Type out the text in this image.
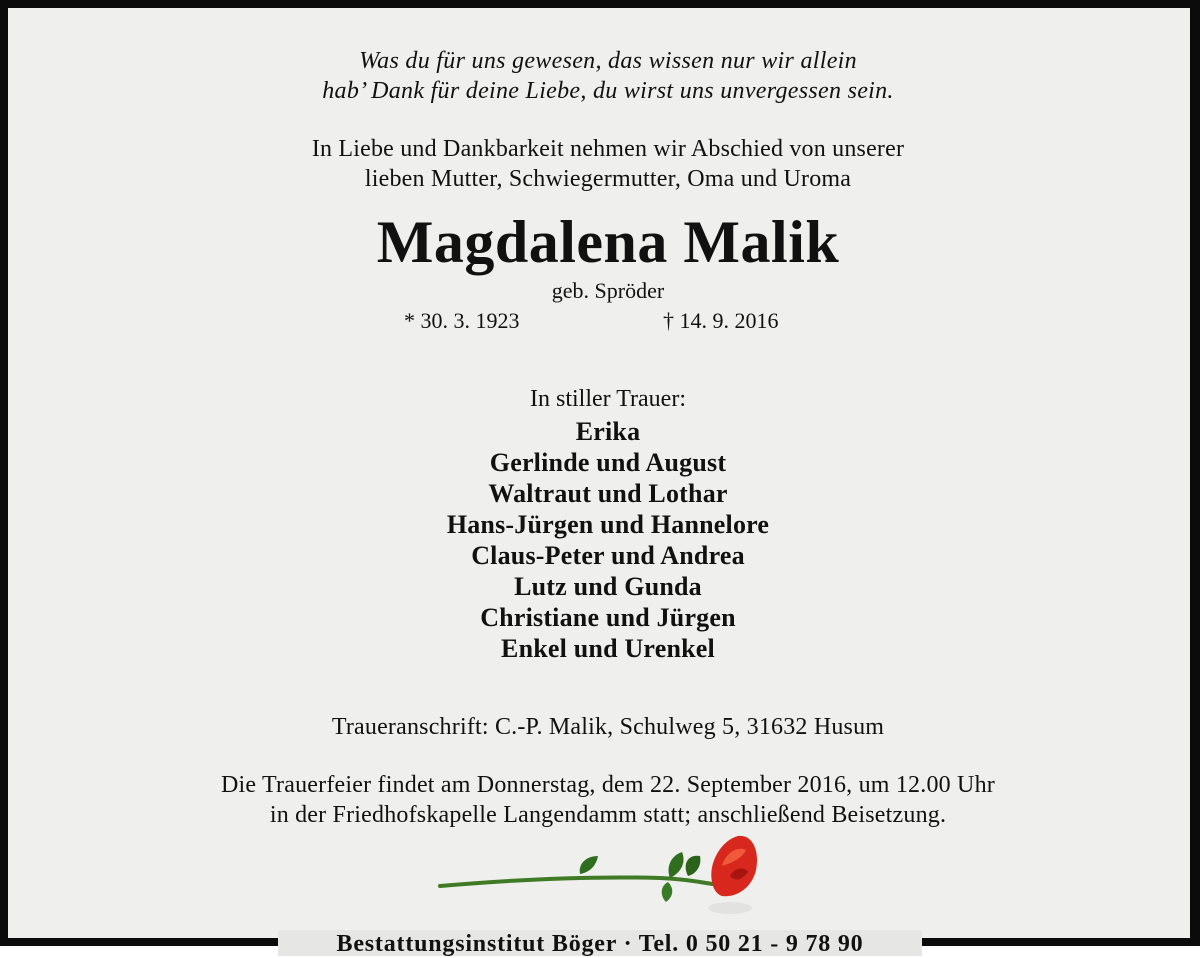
Was du für uns gewesen, das wissen nur wir allein
hab’ Dank für deine Liebe, du wirst uns unvergessen sein.
In Liebe und Dankbarkeit nehmen wir Abschied von unserer
lieben Mutter, Schwiegermutter, Oma und Uroma
Magdalena Malik
geb. Spröder
* 30. 3. 1923	† 14. 9. 2016
In stiller Trauer:
Erika
Gerlinde und August
Waltraut und Lothar
Hans-Jürgen und Hannelore
Claus-Peter und Andrea
Lutz und Gunda
Christiane und Jürgen
Enkel und Urenkel
Traueranschrift: C.-P. Malik, Schulweg 5, 31632 Husum
Die Trauerfeier findet am Donnerstag, dem 22. September 2016, um 12.00 Uhr
in der Friedhofskapelle Langendamm statt; anschließend Beisetzung.
Bestattungsinstitut Böger · Tel. 0 50 21 - 9 78 90
